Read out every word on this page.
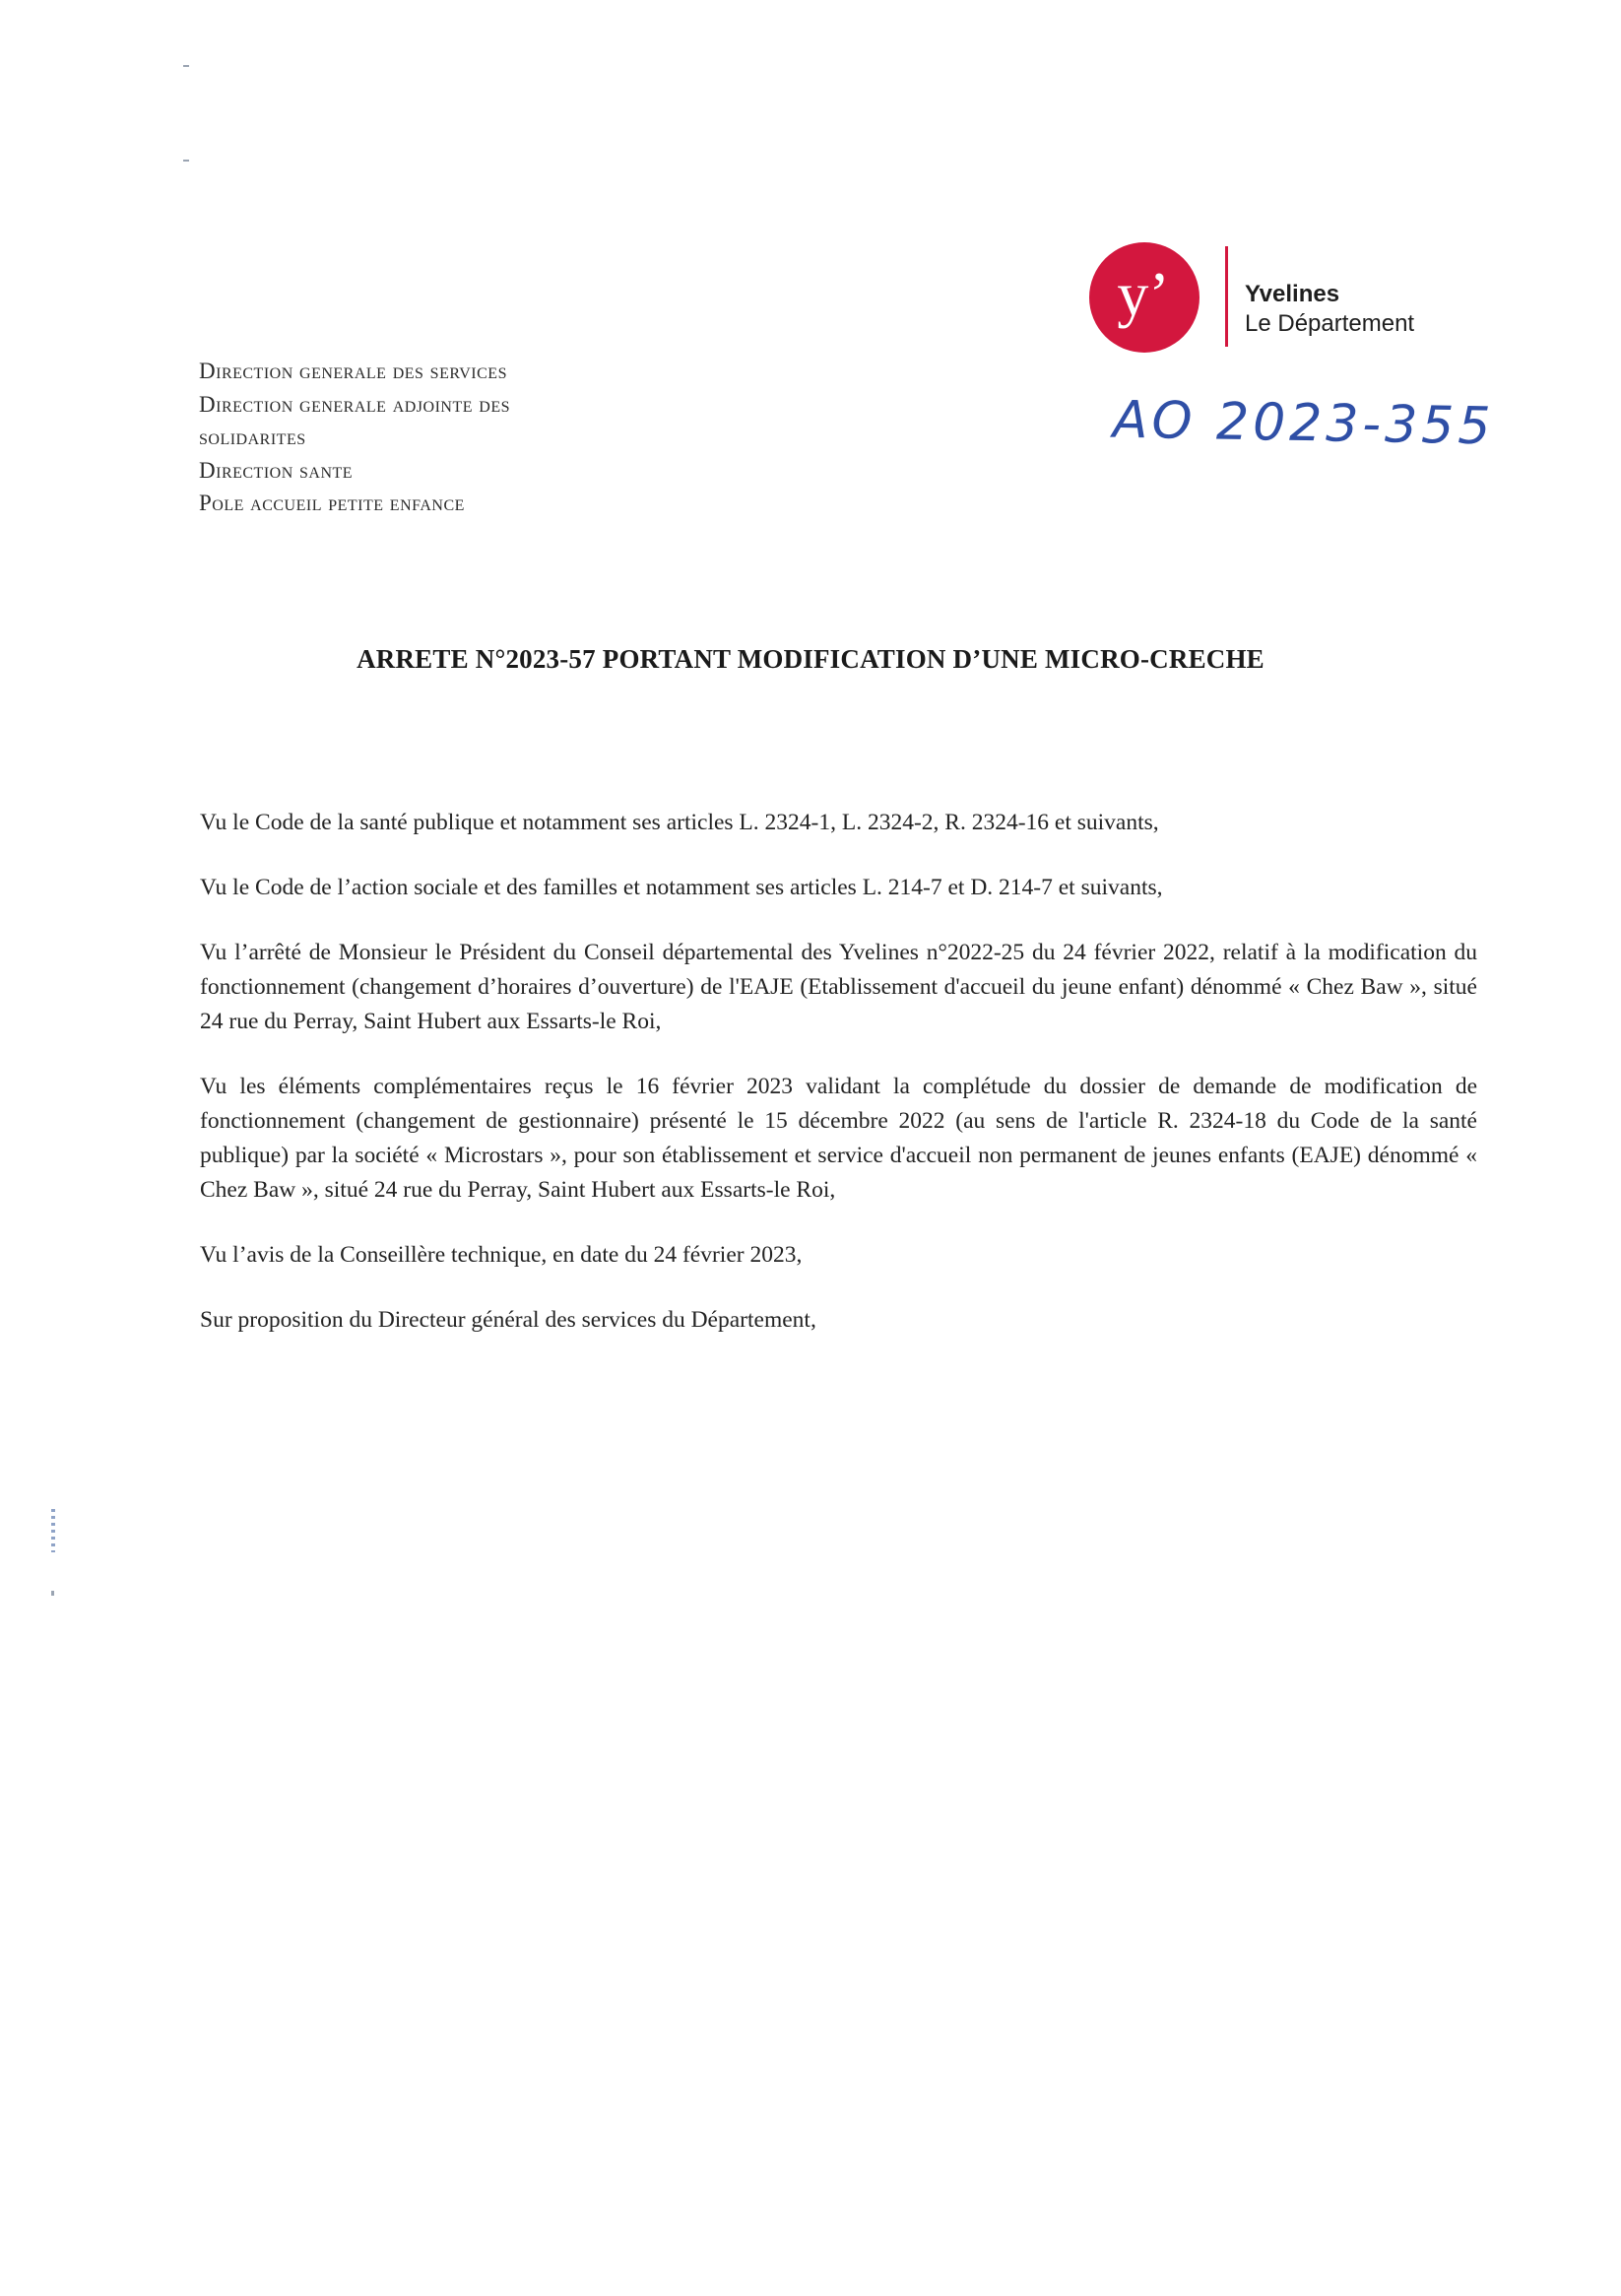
y’	Yvelines
Le Département
AO 2023-355
Direction generale des services
Direction generale adjointe des
solidarites
Direction sante
Pole accueil petite enfance
ARRETE N°2023-57 PORTANT MODIFICATION D’UNE MICRO-CRECHE

Vu le Code de la santé publique et notamment ses articles L. 2324-1, L. 2324-2, R. 2324-16 et suivants,

Vu le Code de l’action sociale et des familles et notamment ses articles L. 214-7 et D. 214-7 et suivants,

Vu l’arrêté de Monsieur le Président du Conseil départemental des Yvelines n°2022-25 du 24 février 2022, relatif à la modification du fonctionnement (changement d’horaires d’ouverture) de l'EAJE (Etablissement d'accueil du jeune enfant) dénommé « Chez Baw », situé 24 rue du Perray, Saint Hubert aux Essarts-le Roi,

Vu les éléments complémentaires reçus le 16 février 2023 validant la complétude du dossier de demande de modification de fonctionnement (changement de gestionnaire) présenté le 15 décembre 2022 (au sens de l'article R. 2324-18 du Code de la santé publique) par la société « Microstars », pour son établissement et service d'accueil non permanent de jeunes enfants (EAJE) dénommé « Chez Baw », situé 24 rue du Perray, Saint Hubert aux Essarts-le Roi,

Vu l’avis de la Conseillère technique, en date du 24 février 2023,

Sur proposition du Directeur général des services du Département,
